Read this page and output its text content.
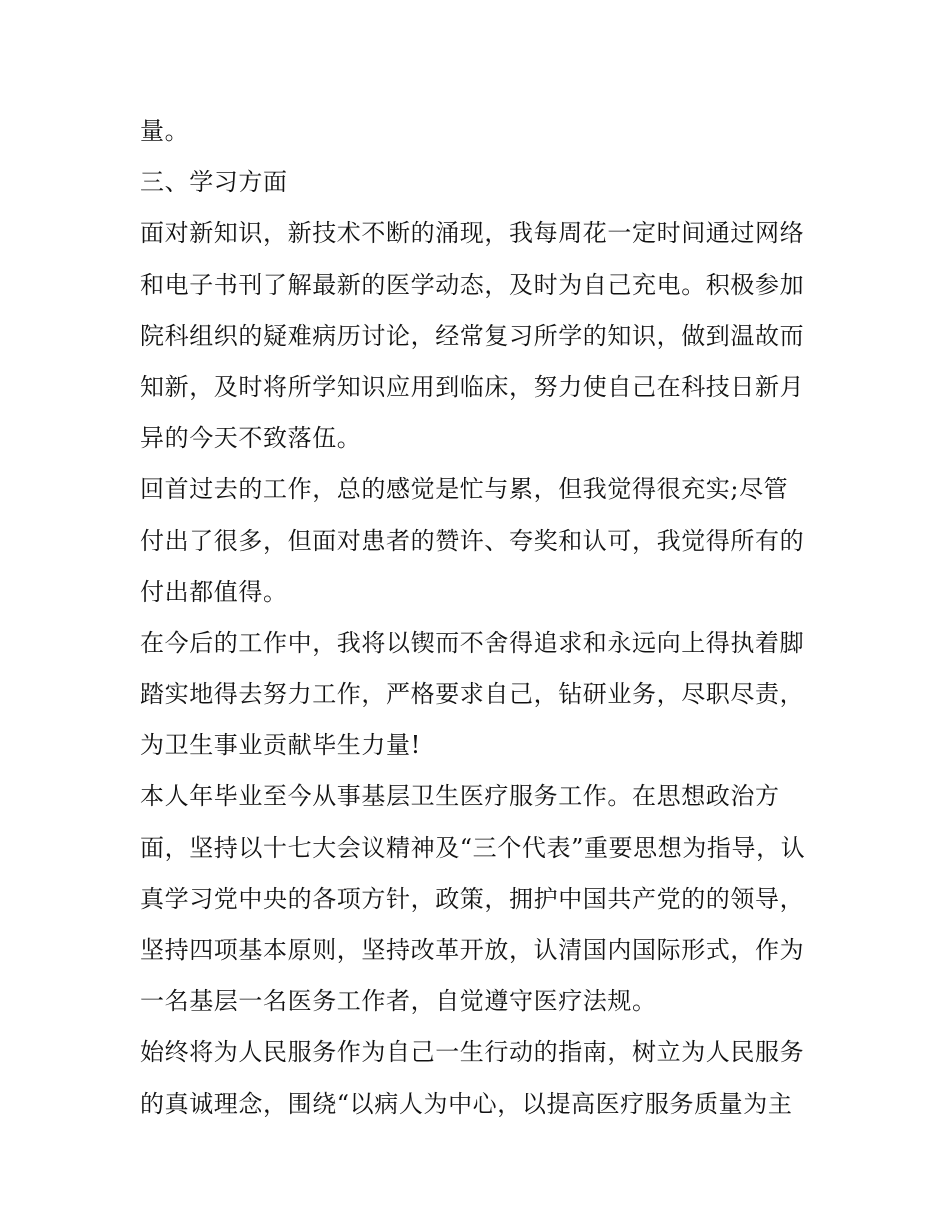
量。
三、学习方面
面对新知识，新技术不断的涌现，我每周花一定时间通过网络
和电子书刊了解最新的医学动态，及时为自己充电。积极参加
院科组织的疑难病历讨论，经常复习所学的知识，做到温故而
知新，及时将所学知识应用到临床，努力使自己在科技日新月
异的今天不致落伍。
回首过去的工作，总的感觉是忙与累，但我觉得很充实;尽管
付出了很多，但面对患者的赞许、夸奖和认可，我觉得所有的
付出都值得。
在今后的工作中，我将以锲而不舍得追求和永远向上得执着脚
踏实地得去努力工作，严格要求自己，钻研业务，尽职尽责，
为卫生事业贡献毕生力量!
本人年毕业至今从事基层卫生医疗服务工作。在思想政治方
面，坚持以十七大会议精神及“三个代表”重要思想为指导，认
真学习党中央的各项方针，政策，拥护中国共产党的的领导，
坚持四项基本原则，坚持改革开放，认清国内国际形式，作为
一名基层一名医务工作者，自觉遵守医疗法规。
始终将为人民服务作为自己一生行动的指南，树立为人民服务
的真诚理念，围绕“以病人为中心，以提高医疗服务质量为主
